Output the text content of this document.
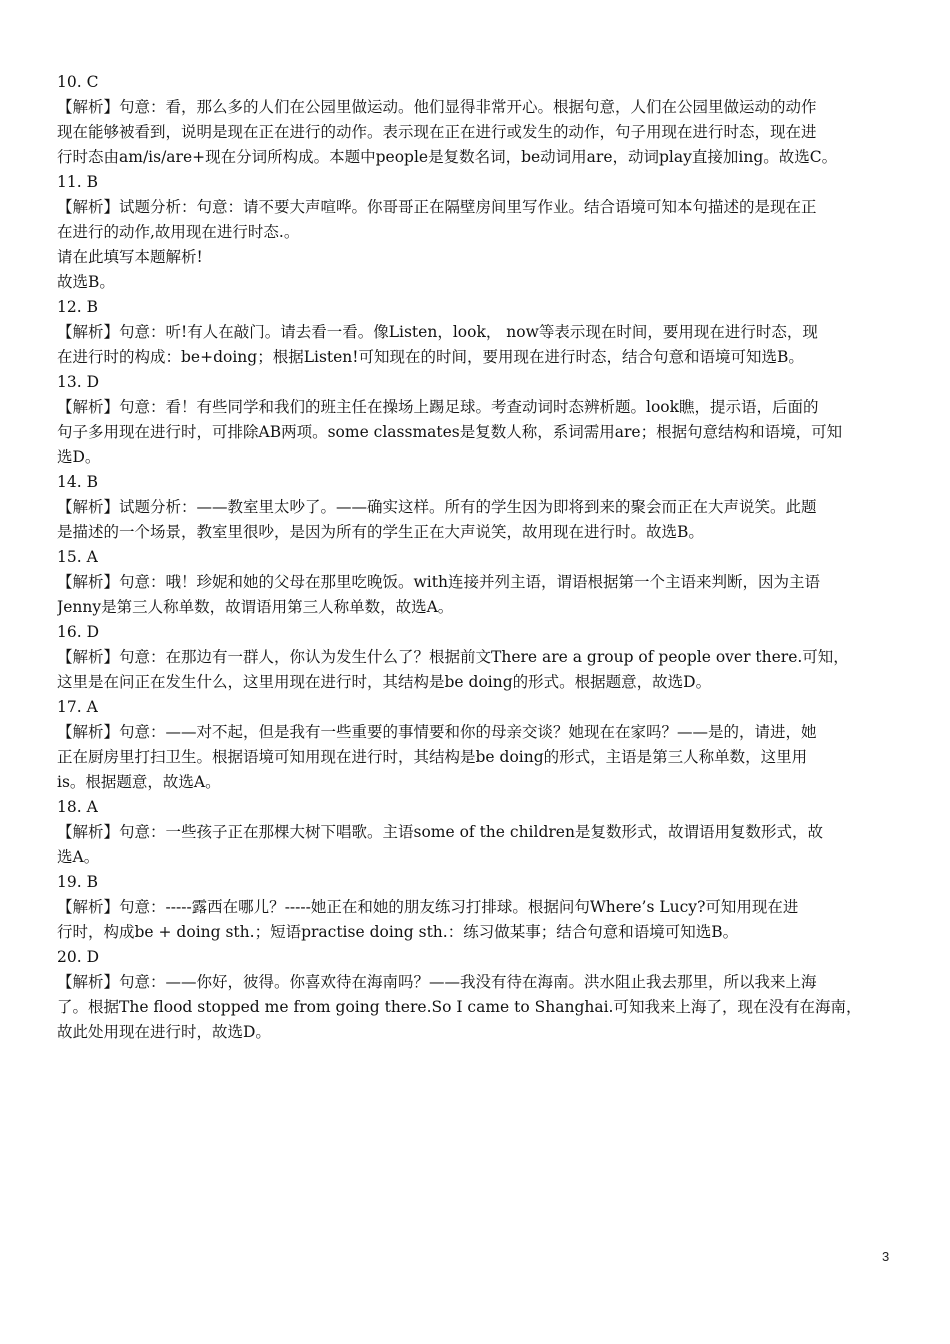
10. C
【解析】句意：看，那么多的人们在公园里做运动。他们显得非常开心。根据句意，人们在公园里做运动的动作
现在能够被看到，说明是现在正在进行的动作。表示现在正在进行或发生的动作，句子用现在进行时态，现在进
行时态由am/is/are+现在分词所构成。本题中people是复数名词，be动词用are，动词play直接加ing。故选C。
11. B
【解析】试题分析：句意：请不要大声喧哗。你哥哥正在隔壁房间里写作业。结合语境可知本句描述的是现在正
在进行的动作,故用现在进行时态.。
请在此填写本题解析!
故选B。
12. B
【解析】句意：听!有人在敲门。请去看一看。像Listen，look， now等表示现在时间，要用现在进行时态，现
在进行时的构成：be+doing；根据Listen!可知现在的时间，要用现在进行时态，结合句意和语境可知选B。
13. D
【解析】句意：看！有些同学和我们的班主任在操场上踢足球。考查动词时态辨析题。look瞧，提示语，后面的
句子多用现在进行时，可排除AB两项。some classmates是复数人称，系词需用are；根据句意结构和语境，可知
选D。
14. B
【解析】试题分析：——教室里太吵了。——确实这样。所有的学生因为即将到来的聚会而正在大声说笑。此题
是描述的一个场景，教室里很吵，是因为所有的学生正在大声说笑，故用现在进行时。故选B。
15. A
【解析】句意：哦！珍妮和她的父母在那里吃晚饭。with连接并列主语，谓语根据第一个主语来判断，因为主语
Jenny是第三人称单数，故谓语用第三人称单数，故选A。
16. D
【解析】句意：在那边有一群人，你认为发生什么了？根据前文There are a group of people over there.可知，
这里是在问正在发生什么，这里用现在进行时，其结构是be doing的形式。根据题意，故选D。
17. A
【解析】句意：——对不起，但是我有一些重要的事情要和你的母亲交谈？她现在在家吗？——是的，请进，她
正在厨房里打扫卫生。根据语境可知用现在进行时，其结构是be doing的形式，主语是第三人称单数，这里用
is。根据题意，故选A。
18. A
【解析】句意：一些孩子正在那棵大树下唱歌。主语some of the children是复数形式，故谓语用复数形式，故
选A。
19. B
【解析】句意：-----露西在哪儿？-----她正在和她的朋友练习打排球。根据问句Where’s Lucy?可知用现在进
行时，构成be + doing sth.；短语practise doing sth.：练习做某事；结合句意和语境可知选B。
20. D
【解析】句意：——你好，彼得。你喜欢待在海南吗？——我没有待在海南。洪水阻止我去那里，所以我来上海
了。根据The flood stopped me from going there.So I came to Shanghai.可知我来上海了，现在没有在海南，
故此处用现在进行时，故选D。
3
